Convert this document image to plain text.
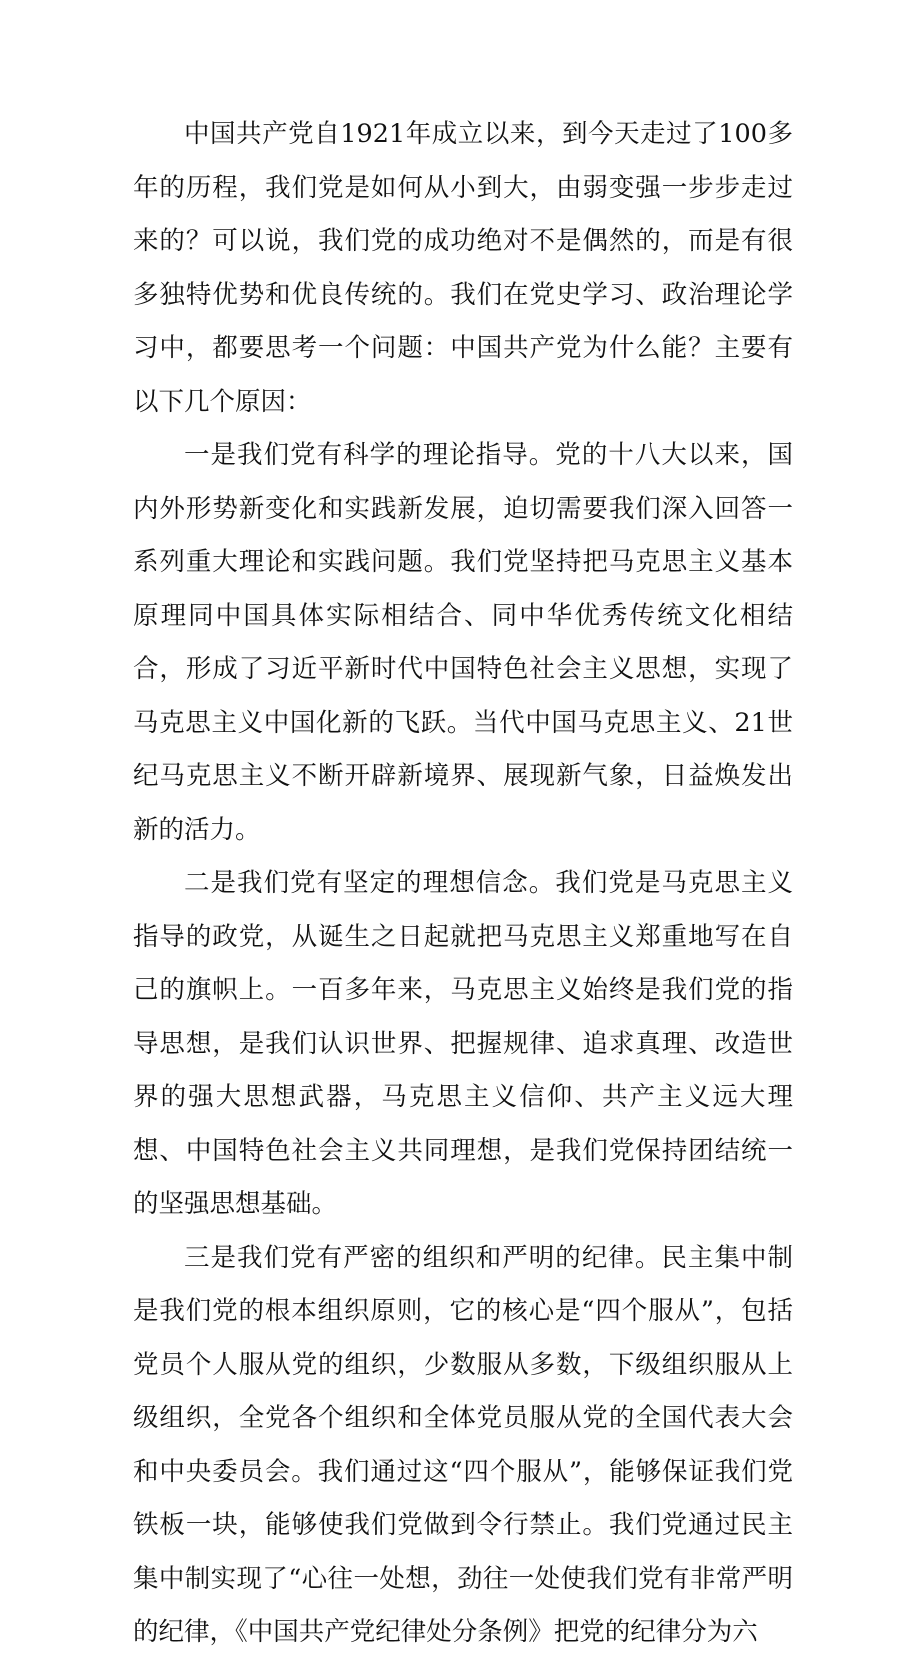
中国共产党自1921年成立以来，到今天走过了100多年的历程，我们党是如何从小到大，由弱变强一步步走过来的？可以说，我们党的成功绝对不是偶然的，而是有很多独特优势和优良传统的。我们在党史学习、政治理论学习中，都要思考一个问题：中国共产党为什么能？主要有以下几个原因：

一是我们党有科学的理论指导。党的十八大以来，国内外形势新变化和实践新发展，迫切需要我们深入回答一系列重大理论和实践问题。我们党坚持把马克思主义基本原理同中国具体实际相结合、同中华优秀传统文化相结合，形成了习近平新时代中国特色社会主义思想，实现了马克思主义中国化新的飞跃。当代中国马克思主义、21世纪马克思主义不断开辟新境界、展现新气象，日益焕发出新的活力。

二是我们党有坚定的理想信念。我们党是马克思主义指导的政党，从诞生之日起就把马克思主义郑重地写在自己的旗帜上。一百多年来，马克思主义始终是我们党的指导思想，是我们认识世界、把握规律、追求真理、改造世界的强大思想武器，马克思主义信仰、共产主义远大理想、中国特色社会主义共同理想，是我们党保持团结统一的坚强思想基础。

三是我们党有严密的组织和严明的纪律。民主集中制是我们党的根本组织原则，它的核心是“四个服从”，包括党员个人服从党的组织，少数服从多数，下级组织服从上级组织，全党各个组织和全体党员服从党的全国代表大会和中央委员会。我们通过这“四个服从”，能够保证我们党铁板一块，能够使我们党做到令行禁止。我们党通过民主集中制实现了“心往一处想，劲往一处使我们党有非常严明的纪律，《中国共产党纪律处分条例》把党的纪律分为六
